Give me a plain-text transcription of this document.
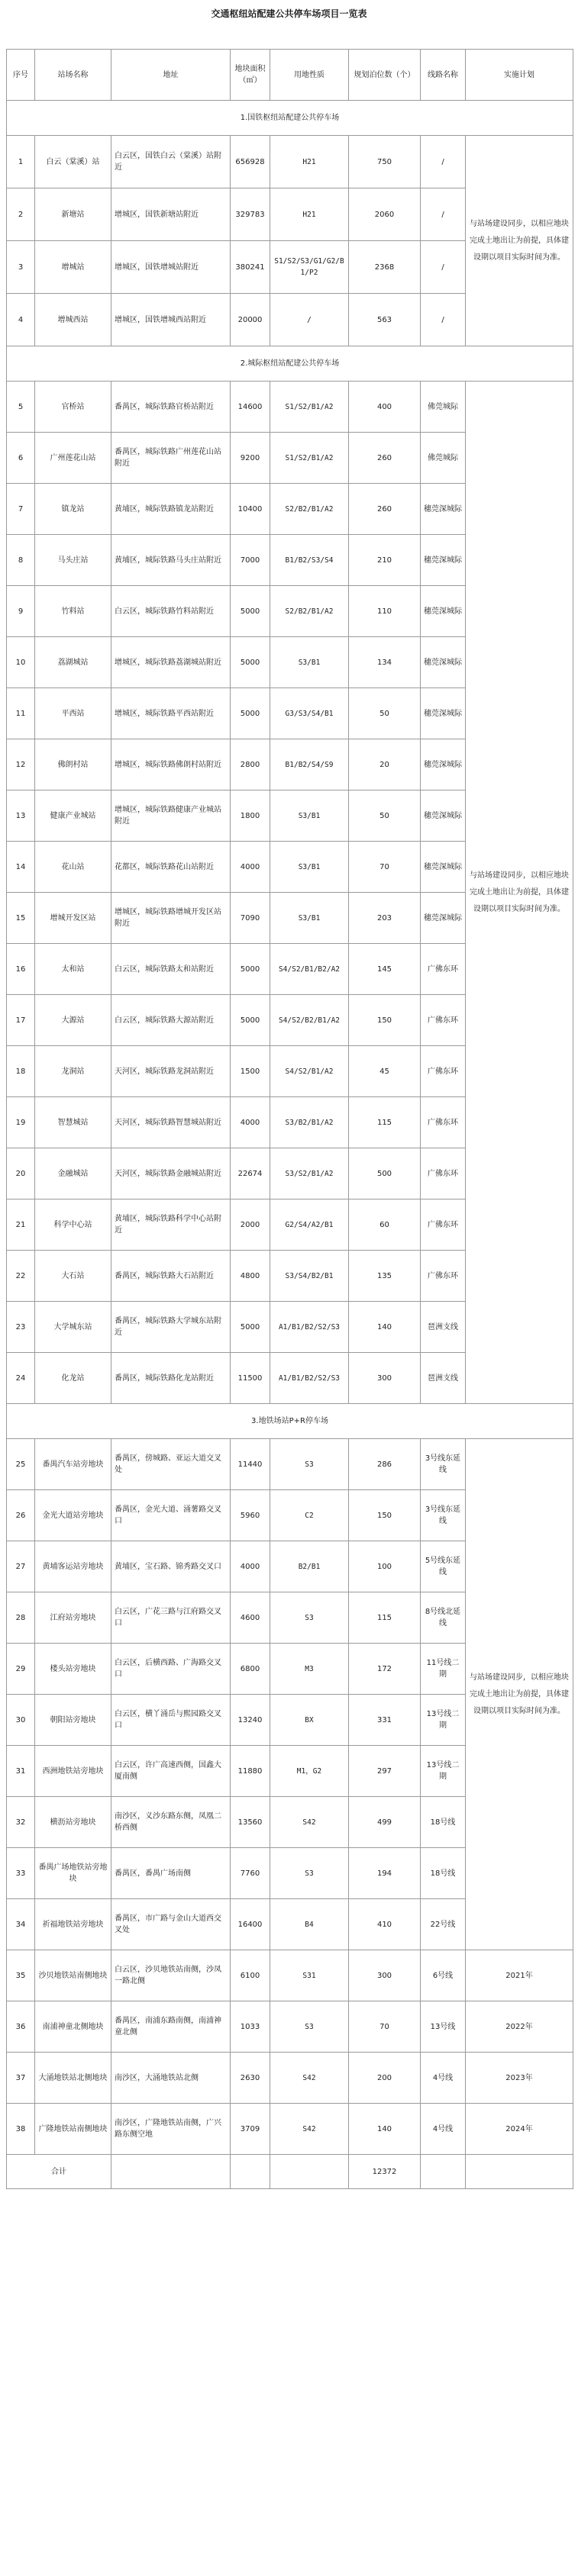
交通枢纽站配建公共停车场项目一览表
序号	站场名称	地址	地块面积（㎡）	用地性质	规划泊位数（个）	线路名称	实施计划
1.国铁枢纽站配建公共停车场							
1	白云（棠溪）站	白云区，国铁白云（棠溪）站附近	656928	H21	750	/	与站场建设同步，以相应地块完成土地出让为前提，具体建设期以项目实际时间为准。
2	新塘站	增城区，国铁新塘站附近	329783	H21	2060	/	
3	增城站	增城区，国铁增城站附近	380241	S1/S2/S3/G1/G2/B1/P2	2368	/	
4	增城西站	增城区，国铁增城西站附近	20000	/	563	/	
2.城际枢纽站配建公共停车场							
5	官桥站	番禺区，城际铁路官桥站附近	14600	S1/S2/B1/A2	400	佛莞城际	与站场建设同步，以相应地块完成土地出让为前提，具体建设期以项目实际时间为准。
6	广州莲花山站	番禺区，城际铁路广州莲花山站附近	9200	S1/S2/B1/A2	260	佛莞城际	
7	镇龙站	黄埔区，城际铁路镇龙站附近	10400	S2/B2/B1/A2	260	穗莞深城际	
8	马头庄站	黄埔区，城际铁路马头庄站附近	7000	B1/B2/S3/S4	210	穗莞深城际	
9	竹料站	白云区，城际铁路竹料站附近	5000	S2/B2/B1/A2	110	穗莞深城际	
10	荔湖城站	增城区，城际铁路荔湖城站附近	5000	S3/B1	134	穗莞深城际	
11	平西站	增城区，城际铁路平西站附近	5000	G3/S3/S4/B1	50	穗莞深城际	
12	佛朗村站	增城区，城际铁路佛朗村站附近	2800	B1/B2/S4/S9	20	穗莞深城际	
13	健康产业城站	增城区，城际铁路健康产业城站附近	1800	S3/B1	50	穗莞深城际	
14	花山站	花都区，城际铁路花山站附近	4000	S3/B1	70	穗莞深城际	
15	增城开发区站	增城区，城际铁路增城开发区站附近	7090	S3/B1	203	穗莞深城际	
16	太和站	白云区，城际铁路太和站附近	5000	S4/S2/B1/B2/A2	145	广佛东环	
17	大源站	白云区，城际铁路大源站附近	5000	S4/S2/B2/B1/A2	150	广佛东环	
18	龙洞站	天河区，城际铁路龙洞站附近	1500	S4/S2/B1/A2	45	广佛东环	
19	智慧城站	天河区，城际铁路智慧城站附近	4000	S3/B2/B1/A2	115	广佛东环	
20	金融城站	天河区，城际铁路金融城站附近	22674	S3/S2/B1/A2	500	广佛东环	
21	科学中心站	黄埔区，城际铁路科学中心站附近	2000	G2/S4/A2/B1	60	广佛东环	
22	大石站	番禺区，城际铁路大石站附近	4800	S3/S4/B2/B1	135	广佛东环	
23	大学城东站	番禺区，城际铁路大学城东站附近	5000	A1/B1/B2/S2/S3	140	琶洲支线	
24	化龙站	番禺区，城际铁路化龙站附近	11500	A1/B1/B2/S2/S3	300	琶洲支线	
3.地铁场站P+R停车场							
25	番禺汽车站旁地块	番禺区，傍城路、亚运大道交叉处	11440	S3	286	3号线东延线	与站场建设同步，以相应地块完成土地出让为前提，具体建设期以项目实际时间为准。
26	金光大道站旁地块	番禺区，金光大道、涌薯路交叉口	5960	C2	150	3号线东延线	
27	黄埔客运站旁地块	黄埔区，宝石路、锦秀路交叉口	4000	B2/B1	100	5号线东延线	
28	江府站旁地块	白云区，广花三路与江府路交叉口	4600	S3	115	8号线北延线	
29	楼头站旁地块	白云区，后横西路、广海路交叉口	6800	M3	172	11号线二期	
30	朝阳站旁地块	白云区，横丫涌岳与熙园路交叉口	13240	BX	331	13号线二期	
31	西洲地铁站旁地块	白云区，许广高速西侧，国鑫大厦南侧	11880	M1，G2	297	13号线二期	
32	横沥站旁地块	南沙区，义沙东路东侧，凤凰二桥西侧	13560	S42	499	18号线	
33	番禺广场地铁站旁地块	番禺区，番禺广场南侧	7760	S3	194	18号线	
34	祈福地铁站旁地块	番禺区，市广路与金山大道西交叉处	16400	B4	410	22号线	
35	沙贝地铁站南侧地块	白云区，沙贝地铁站南侧，沙凤一路北侧	6100	S31	300	6号线	2021年
36	南浦神童北侧地块	番禺区，南浦东路南侧，南浦神童北侧	1033	S3	70	13号线	2022年
37	大涌地铁站北侧地块	南沙区，大涌地铁站北侧	2630	S42	200	4号线	2023年
38	广隆地铁站南侧地块	南沙区，广隆地铁站南侧，广兴路东侧空地	3709	S42	140	4号线	2024年
合计					12372		
